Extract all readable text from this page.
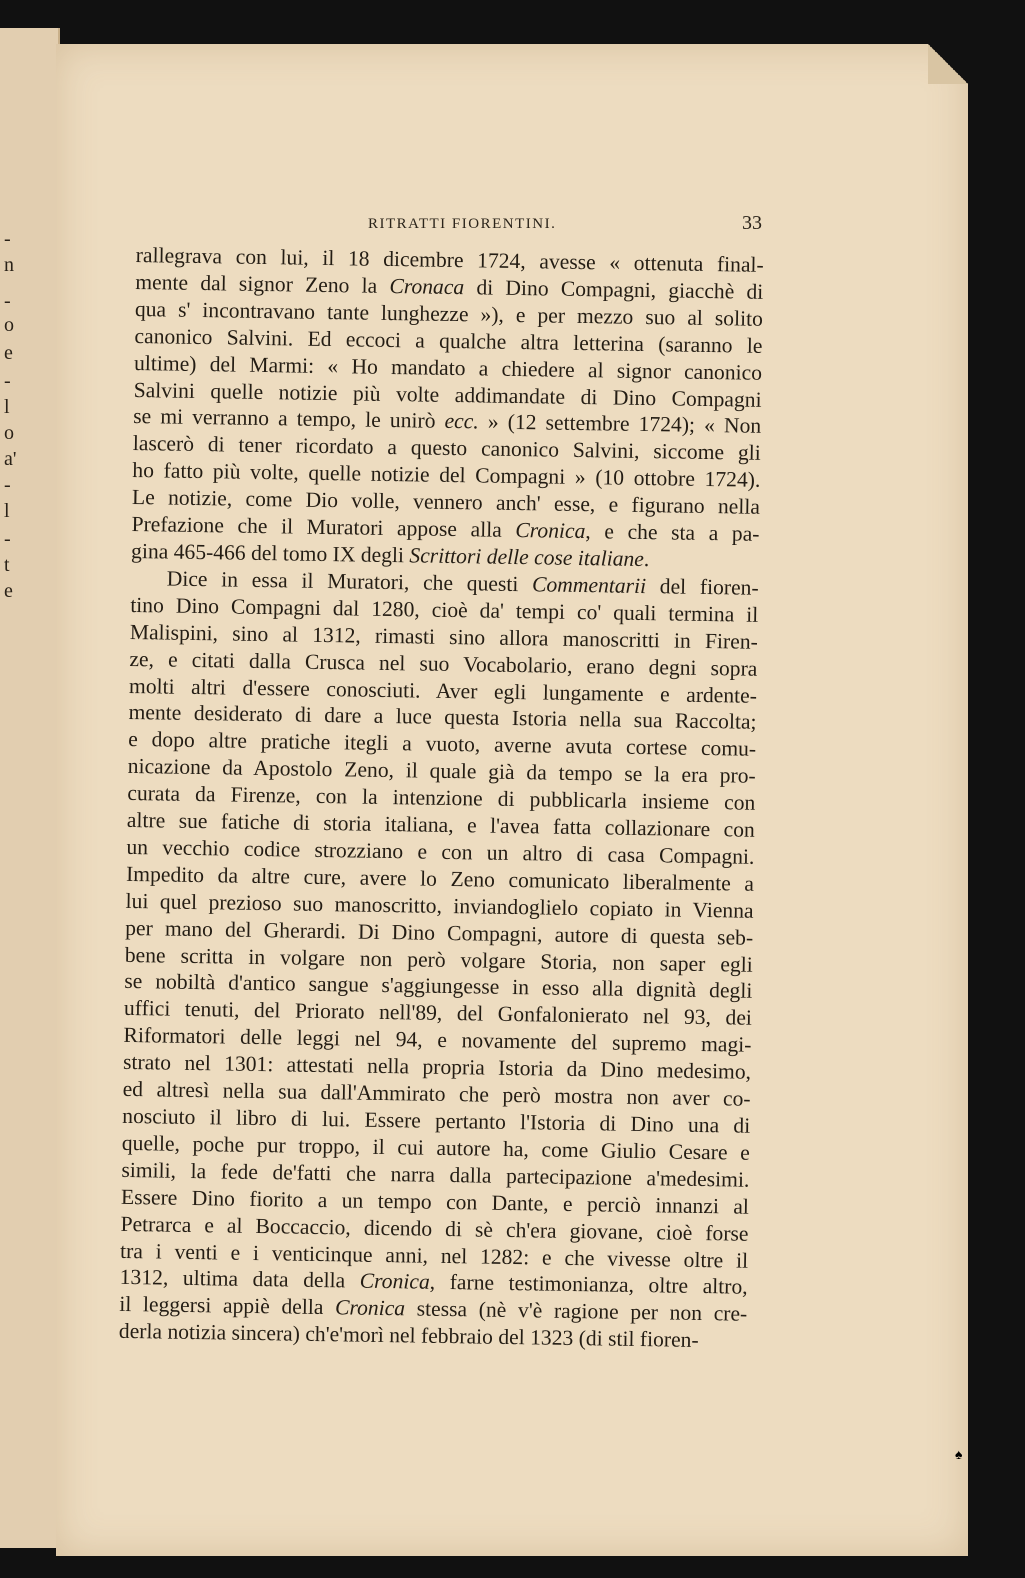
-
n
-
o
e
-
l
o
a'
-
l
-
t
e
RITRATTI FIORENTINI.	33
rallegrava con lui, il 18 dicembre 1724, avesse « ottenuta final-
mente dal signor Zeno la Cronaca di Dino Compagni, giacchè di
qua s' incontravano tante lunghezze »), e per mezzo suo al solito
canonico Salvini. Ed eccoci a qualche altra letterina (saranno le
ultime) del Marmi: « Ho mandato a chiedere al signor canonico
Salvini quelle notizie più volte addimandate di Dino Compagni
se mi verranno a tempo, le unirò ecc. » (12 settembre 1724); « Non
lascerò di tener ricordato a questo canonico Salvini, siccome gli
ho fatto più volte, quelle notizie del Compagni » (10 ottobre 1724).
Le notizie, come Dio volle, vennero anch' esse, e figurano nella
Prefazione che il Muratori appose alla Cronica, e che sta a pa-
gina 465-466 del tomo IX degli Scrittori delle cose italiane.
Dice in essa il Muratori, che questi Commentarii del fioren-
tino Dino Compagni dal 1280, cioè da' tempi co' quali termina il
Malispini, sino al 1312, rimasti sino allora manoscritti in Firen-
ze, e citati dalla Crusca nel suo Vocabolario, erano degni sopra
molti altri d'essere conosciuti. Aver egli lungamente e ardente-
mente desiderato di dare a luce questa Istoria nella sua Raccolta;
e dopo altre pratiche itegli a vuoto, averne avuta cortese comu-
nicazione da Apostolo Zeno, il quale già da tempo se la era pro-
curata da Firenze, con la intenzione di pubblicarla insieme con
altre sue fatiche di storia italiana, e l'avea fatta collazionare con
un vecchio codice strozziano e con un altro di casa Compagni.
Impedito da altre cure, avere lo Zeno comunicato liberalmente a
lui quel prezioso suo manoscritto, inviandoglielo copiato in Vienna
per mano del Gherardi. Di Dino Compagni, autore di questa seb-
bene scritta in volgare non però volgare Storia, non saper egli
se nobiltà d'antico sangue s'aggiungesse in esso alla dignità degli
uffici tenuti, del Priorato nell'89, del Gonfalonierato nel 93, dei
Riformatori delle leggi nel 94, e novamente del supremo magi-
strato nel 1301: attestati nella propria Istoria da Dino medesimo,
ed altresì nella sua dall'Ammirato che però mostra non aver co-
nosciuto il libro di lui. Essere pertanto l'Istoria di Dino una di
quelle, poche pur troppo, il cui autore ha, come Giulio Cesare e
simili, la fede de'fatti che narra dalla partecipazione a'medesimi.
Essere Dino fiorito a un tempo con Dante, e perciò innanzi al
Petrarca e al Boccaccio, dicendo di sè ch'era giovane, cioè forse
tra i venti e i venticinque anni, nel 1282: e che vivesse oltre il
1312, ultima data della Cronica, farne testimonianza, oltre altro,
il leggersi appiè della Cronica stessa (nè v'è ragione per non cre-
derla notizia sincera) ch'e'morì nel febbraio del 1323 (di stil fioren-
♠
